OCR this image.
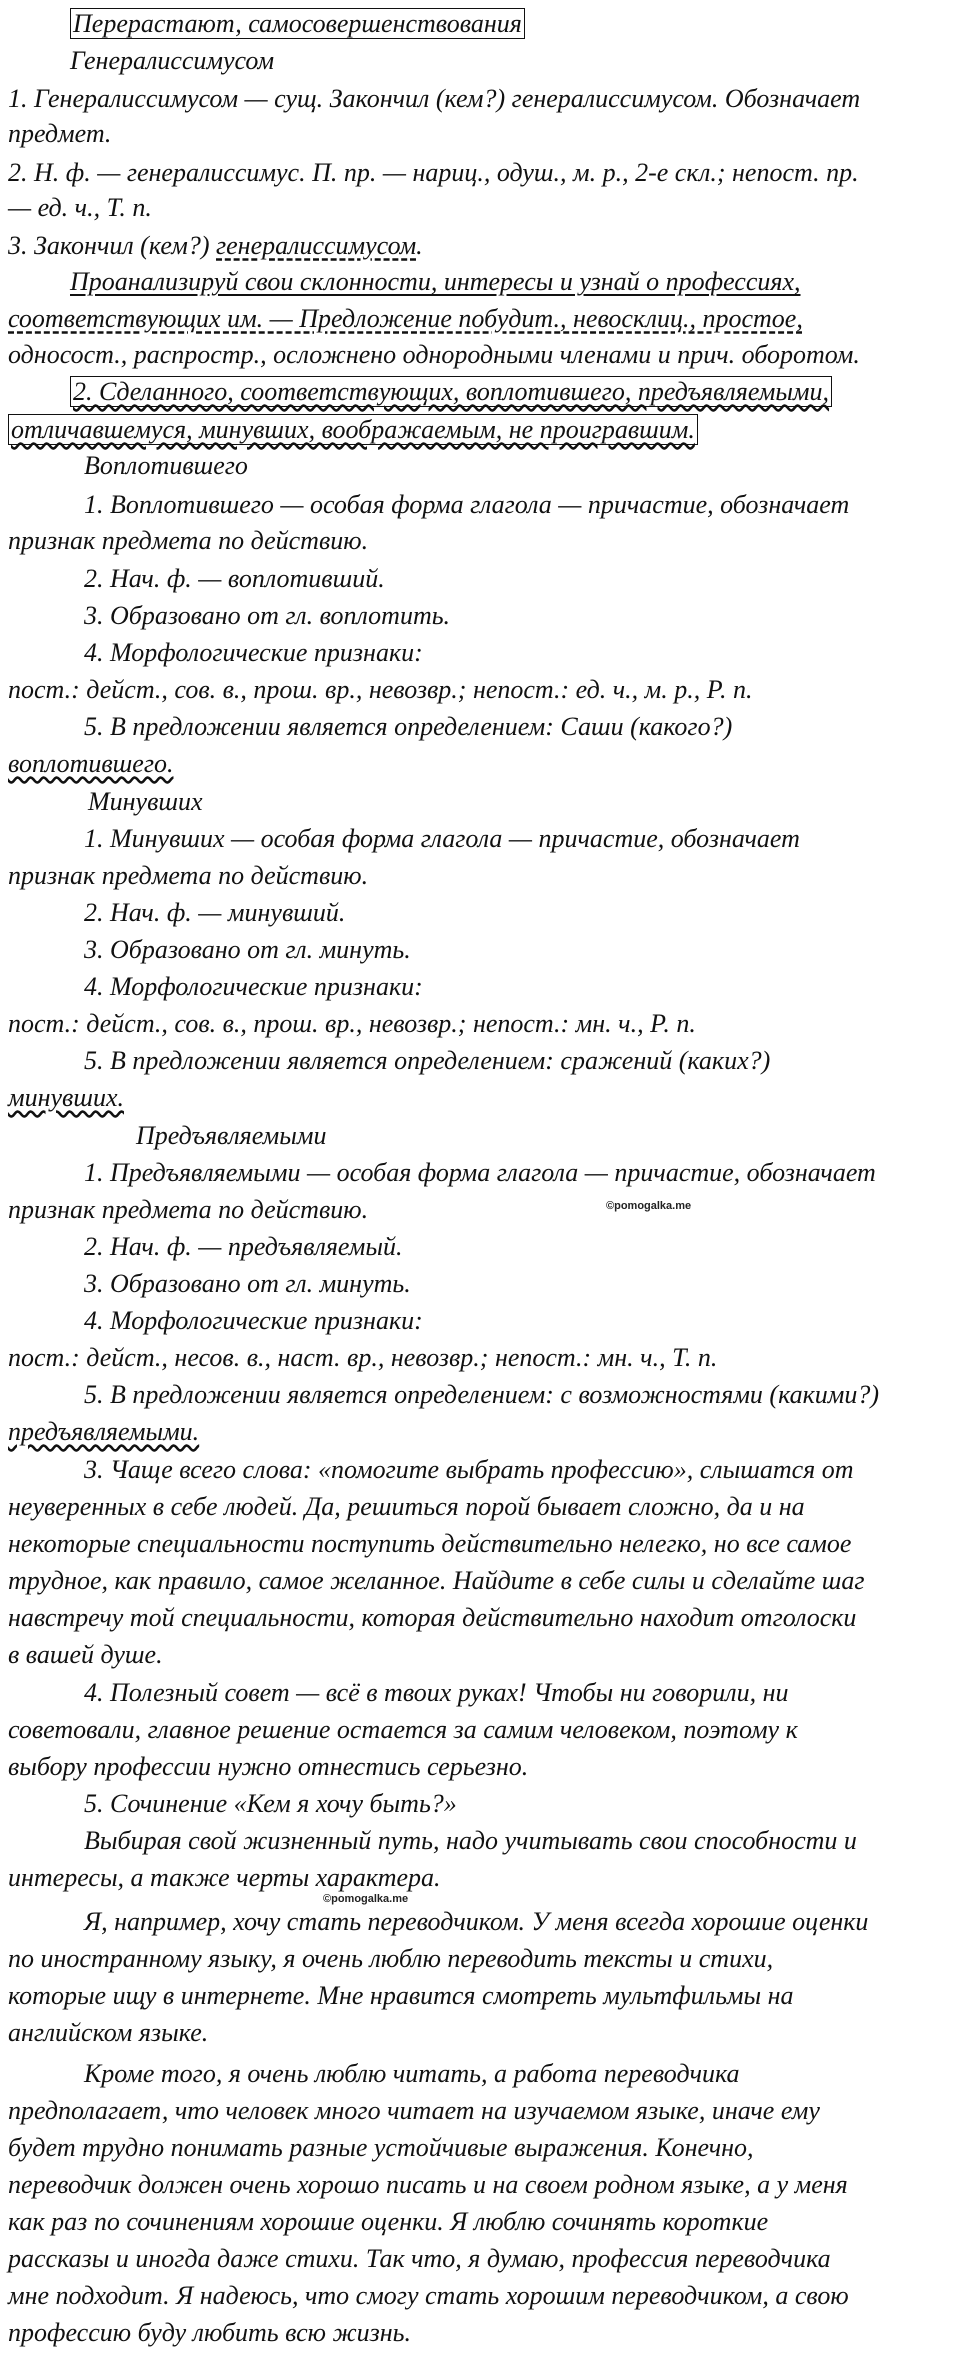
Перерастают, самосовершенствования
Генералиссимусом
1. Генералиссимусом — сущ. Закончил (кем?) генералиссимусом. Обозначает
предмет.
2. Н. ф. — генералиссимус. П. пр. — нариц., одуш., м. р., 2-е скл.; непост. пр.
— ед. ч., Т. п.
3. Закончил (кем?) генералиссимусом.
Проанализируй свои склонности, интересы и узнай о профессиях,
соответствующих им. — Предложение побудит., невосклиц., простое,
односост., распростр., осложнено однородными членами и прич. оборотом.
2. Сделанного, соответствующих, воплотившего, предъявляемыми,
отличавшемуся, минувших, воображаемым, не проигравшим.
Воплотившего
1. Воплотившего — особая форма глагола — причастие, обозначает
признак предмета по действию.
2. Нач. ф. — воплотивший.
3. Образовано от гл. воплотить.
4. Морфологические признаки:
пост.: дейст., сов. в., прош. вр., невозвр.; непост.: ед. ч., м. р., Р. п.
5. В предложении является определением: Саши (какого?)
воплотившего.
Минувших
1. Минувших — особая форма глагола — причастие, обозначает
признак предмета по действию.
2. Нач. ф. — минувший.
3. Образовано от гл. минуть.
4. Морфологические признаки:
пост.: дейст., сов. в., прош. вр., невозвр.; непост.: мн. ч., Р. п.
5. В предложении является определением: сражений (каких?)
минувших.
Предъявляемыми
1. Предъявляемыми — особая форма глагола — причастие, обозначает
признак предмета по действию.	©pomogalka.me
2. Нач. ф. — предъявляемый.
3. Образовано от гл. минуть.
4. Морфологические признаки:
пост.: дейст., несов. в., наст. вр., невозвр.; непост.: мн. ч., Т. п.
5. В предложении является определением: с возможностями (какими?)
предъявляемыми.
3. Чаще всего слова: «помогите выбрать профессию», слышатся от
неуверенных в себе людей. Да, решиться порой бывает сложно, да и на
некоторые специальности поступить действительно нелегко, но все самое
трудное, как правило, самое желанное. Найдите в себе силы и сделайте шаг
навстречу той специальности, которая действительно находит отголоски
в вашей душе.
4. Полезный совет — всё в твоих руках! Чтобы ни говорили, ни
советовали, главное решение остается за самим человеком, поэтому к
выбору профессии нужно отнестись серьезно.
5. Сочинение «Кем я хочу быть?»
Выбирая свой жизненный путь, надо учитывать свои способности и
интересы, а также черты характера.
©pomogalka.me
Я, например, хочу стать переводчиком. У меня всегда хорошие оценки
по иностранному языку, я очень люблю переводить тексты и стихи,
которые ищу в интернете. Мне нравится смотреть мультфильмы на
английском языке.
Кроме того, я очень люблю читать, а работа переводчика
предполагает, что человек много читает на изучаемом языке, иначе ему
будет трудно понимать разные устойчивые выражения. Конечно,
переводчик должен очень хорошо писать и на своем родном языке, а у меня
как раз по сочинениям хорошие оценки. Я люблю сочинять короткие
рассказы и иногда даже стихи. Так что, я думаю, профессия переводчика
мне подходит. Я надеюсь, что смогу стать хорошим переводчиком, а свою
профессию буду любить всю жизнь.
